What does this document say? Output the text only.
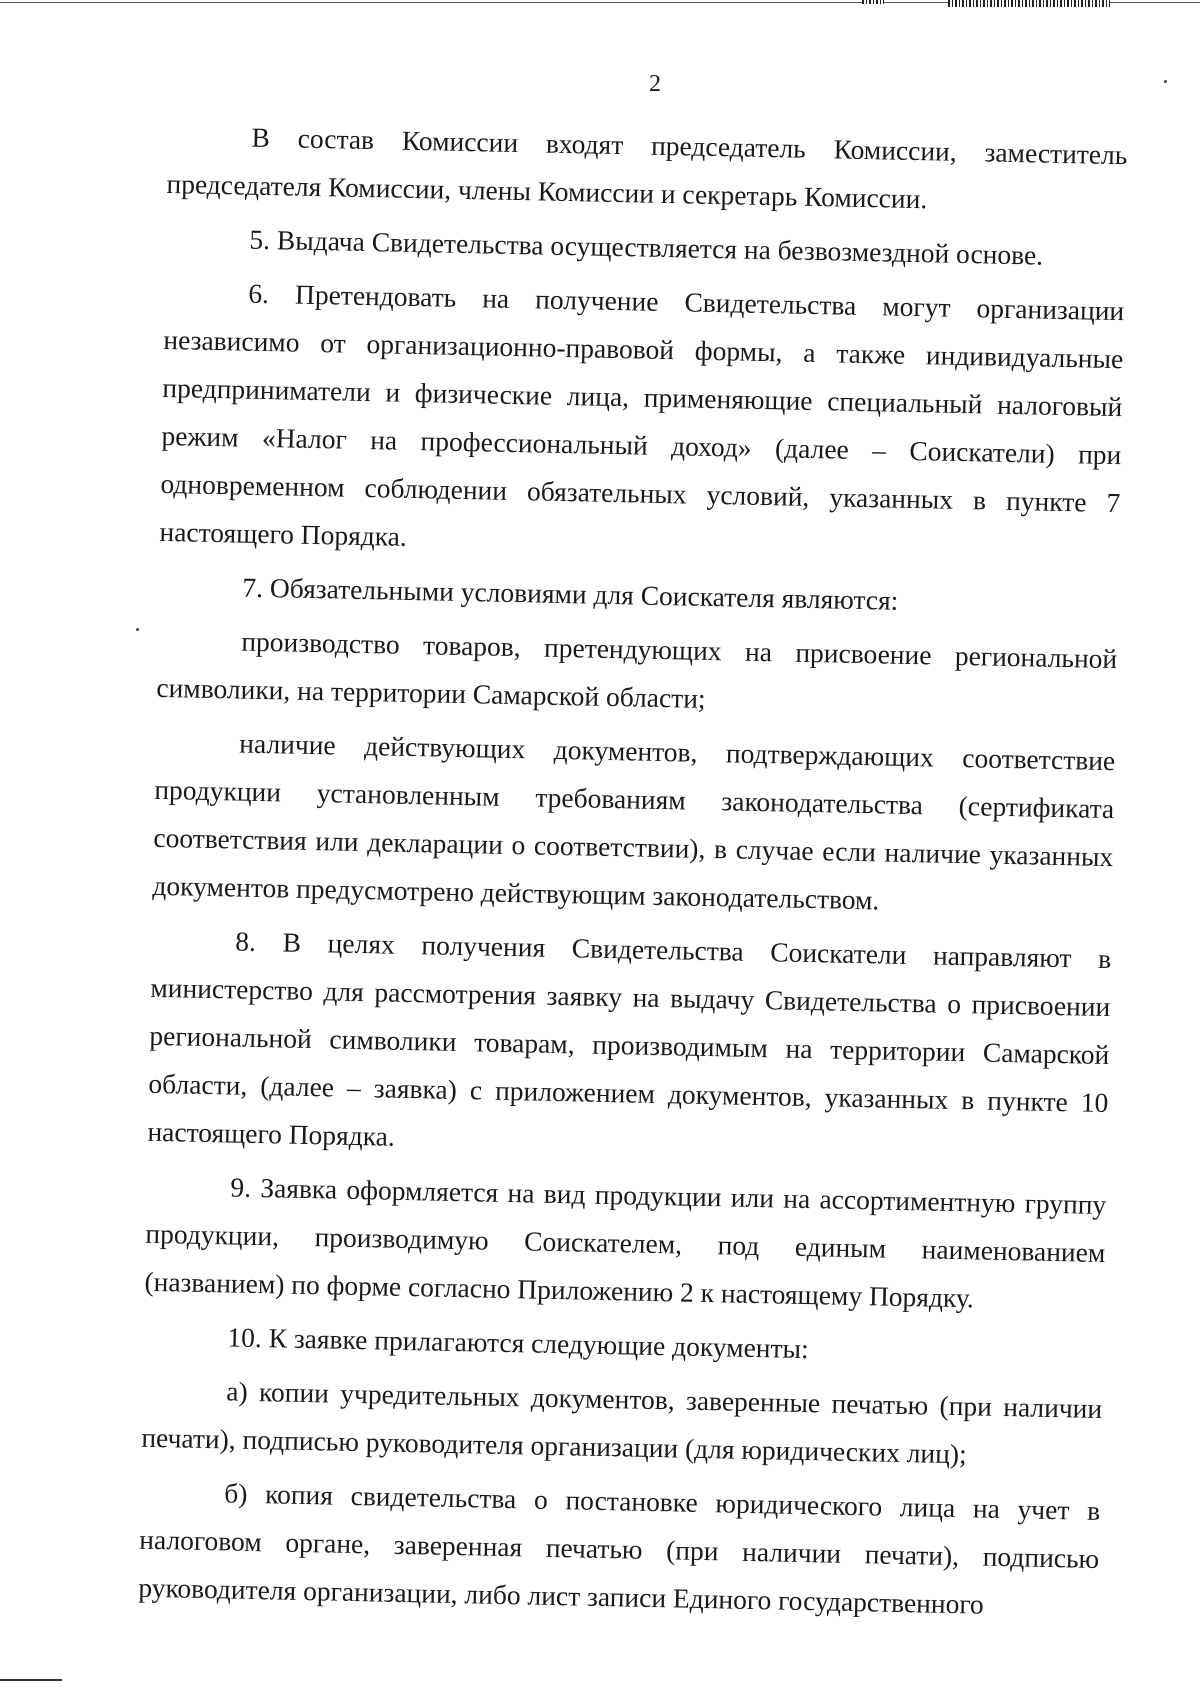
2

В состав Комиссии входят председатель Комиссии, заместитель председателя Комиссии, члены Комиссии и секретарь Комиссии.

5. Выдача Свидетельства осуществляется на безвозмездной основе.

6. Претендовать на получение Свидетельства могут организации независимо от организационно-правовой формы, а также индивидуальные предприниматели и физические лица, применяющие специальный налоговый режим «Налог на профессиональный доход» (далее – Соискатели) при одновременном соблюдении обязательных условий, указанных в пункте 7 настоящего Порядка.

7. Обязательными условиями для Соискателя являются:

производство товаров, претендующих на присвоение региональной символики, на территории Самарской области;

наличие действующих документов, подтверждающих соответствие продукции установленным требованиям законодательства (сертификата соответствия или декларации о соответствии), в случае если наличие указанных документов предусмотрено действующим законодательством.

8. В целях получения Свидетельства Соискатели направляют в министерство для рассмотрения заявку на выдачу Свидетельства о присвоении региональной символики товарам, производимым на территории Самарской области, (далее – заявка) с приложением документов, указанных в пункте 10 настоящего Порядка.

9. Заявка оформляется на вид продукции или на ассортиментную группу продукции, производимую Соискателем, под единым наименованием (названием) по форме согласно Приложению 2 к настоящему Порядку.

10. К заявке прилагаются следующие документы:

а) копии учредительных документов, заверенные печатью (при наличии печати), подписью руководителя организации (для юридических лиц);

б) копия свидетельства о постановке юридического лица на учет в налоговом органе, заверенная печатью (при наличии печати), подписью руководителя организации, либо лист записи Единого государственного
